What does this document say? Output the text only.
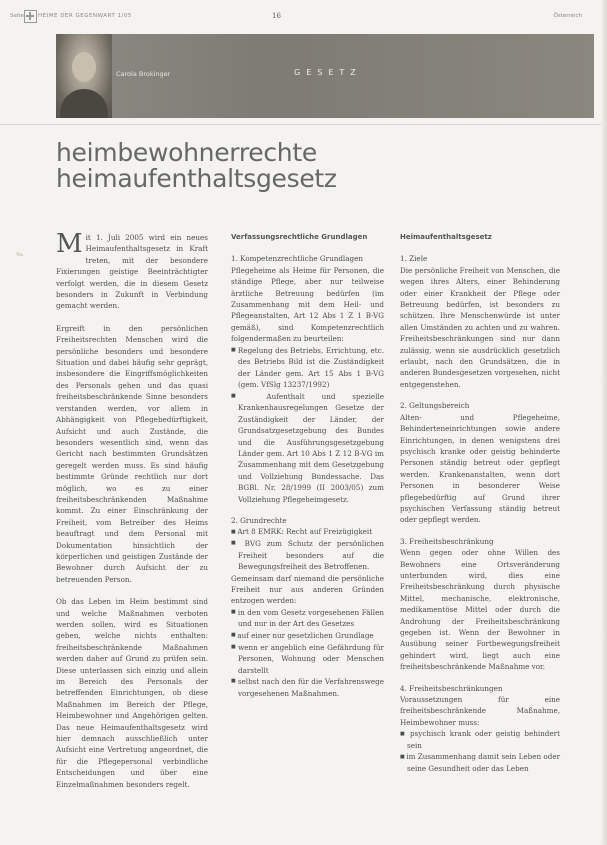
Seite	HEIME DER GEGENWART 1/05	16	Österreich
Carola Brokinger	GESETZ
heimbewohnerrechte
heimaufenthaltsgesetz
✎	Mit 1. Juli 2005 wird ein neues Heimaufenthaltsgesetz in Kraft treten, mit der besondere Fixierungen geistige Beeinträchtigter verfolgt werden, die in diesem Gesetz besonders in Zukunft in Verbindung gemacht werden.

Ergreift in den persönlichen Freiheitsrechten Menschen wird die persönliche besonders und besondere Situation und dabei häufig sehr geprägt, insbesondere die Eingriffsmöglichkeiten des Personals gehen und das quasi freiheitsbeschränkende Sinne besonders verstanden werden, vor allem in Abhängigkeit von Pflegebedürftigkeit, Aufsicht und auch Zustände, die besonders wesentlich sind, wenn das Gericht nach bestimmten Grundsätzen geregelt werden muss. Es sind häufig bestimmte Gründe rechtlich nur dort möglich, wo es zu einer freiheitsbeschränkenden Maßnahme kommt. Zu einer Einschränkung der Freiheit, vom Betreiber des Heims beauftragt und dem Personal mit Dokumentation hinsichtlich der körperlichen und geistigen Zustände der Bewohner durch Aufsicht der zu betreuenden Person.

Ob das Leben im Heim bestimmt sind und welche Maßnahmen verboten werden sollen, wird es Situationen geben, welche nichts enthalten: freiheitsbeschränkende Maßnahmen werden daher auf Grund zu prüfen sein. Diese unterlassen sich einzig und allein im Bereich des Personals der betreffenden Einrichtungen, ob diese Maßnahmen im Bereich der Pflege, Heimbewohner und Angehörigen gelten. Das neue Heimaufenthaltsgesetz wird hier demnach ausschließlich unter Aufsicht eine Vertretung angeordnet, die für die Pflegepersonal verbindliche Entscheidungen und über eine Einzelmaßnahmen besonders regelt.

Verfassungsrechtliche Grundlagen
1. Kompetenzrechtliche Grundlagen
Pflegeheime als Heime für Personen, die ständige Pflege, aber nur teilweise ärztliche Betreuung bedürfen (im Zusammenhang mit dem Heil- und Pflegeanstalten, Art 12 Abs 1 Z 1 B-VG gemäß), sind Kompetenzrechtlich folgendermaßen zu beurteilen:
■ Regelung des Betriebs, Errichtung, etc. des Betriebs Bild ist die Zuständigkeit der Länder gem. Art 15 Abs 1 B-VG (gem. VfSlg 13237/1992)
■ Aufenthalt und spezielle Krankenhausregelungen Gesetze der Zuständigkeit der Länder, der Grundsatzgesetzgebung des Bundes und die Ausführungsgesetzgebung Länder gem. Art 10 Abs 1 Z 12 B-VG im Zusammenhang mit dem Gesetzgebung und Vollziehung Bundessache. Das BGBl. Nr. 28/1999 (II 2003/05) zum Vollziehung Pflegeheimgesetz.
2. Grundrechte
■ Art 8 EMRK: Recht auf Freizügigkeit
■ BVG zum Schutz der persönlichen Freiheit besonders auf die Bewegungsfreiheit des Betroffenen.
Gemeinsam darf niemand die persönliche Freiheit nur aus anderen Gründen entzogen werden:
■ in den vom Gesetz vorgesehenen Fällen und nur in der Art des Gesetzes
■ auf einer nur gesetzlichen Grundlage
■ wenn er angeblich eine Gefährdung für Personen, Wohnung oder Menschen darstellt
■ selbst nach den für die Verfahrenswege vorgesehenen Maßnahmen.
Heimaufenthaltsgesetz
1. Ziele
Die persönliche Freiheit von Menschen, die wegen ihres Alters, einer Behinderung oder einer Krankheit der Pflege oder Betreuung bedürfen, ist besonders zu schützen. Ihre Menschenwürde ist unter allen Umständen zu achten und zu wahren. Freiheitsbeschränkungen sind nur dann zulässig, wenn sie ausdrücklich gesetzlich erlaubt, nach den Grundsätzen, die in anderen Bundesgesetzen vorgesehen, nicht entgegenstehen.
2. Geltungsbereich
Alten- und Pflegeheime, Behinderteneinrichtungen sowie andere Einrichtungen, in denen wenigstens drei psychisch kranke oder geistig behinderte Personen ständig betreut oder gepflegt werden. Krankenanstalten, wenn dort Personen in besonderer Weise pflegebedürftig auf Grund ihrer psychischen Verfassung ständig betreut oder gepflegt werden.
3. Freiheitsbeschränkung
Wenn gegen oder ohne Willen des Bewohners eine Ortsveränderung unterbunden wird, dies eine Freiheitsbeschränkung durch physische Mittel, mechanische, elektronische, medikamentöse Mittel oder durch die Androhung der Freiheitsbeschränkung gegeben ist. Wenn der Bewohner in Ausübung seiner Fortbewegungsfreiheit gehindert wird, liegt auch eine freiheitsbeschränkende Maßnahme vor.
4. Freiheitsbeschränkungen
Voraussetzungen für eine freiheitsbeschränkende Maßnahme, Heimbewohner muss:
■ psychisch krank oder geistig behindert sein
■ im Zusammenhang damit sein Leben oder seine Gesundheit oder das Leben
